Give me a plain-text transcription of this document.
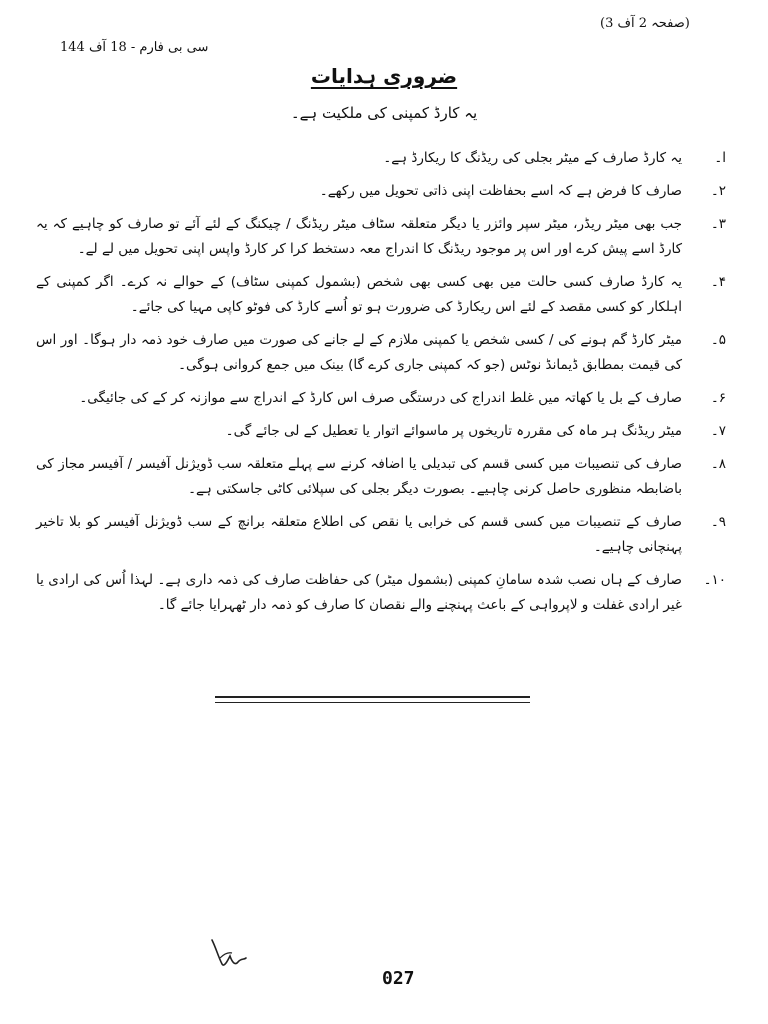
(صفحہ 2 آف 3)
سی بی فارم - 18 آف 144
ضروری ہدایات
یہ کارڈ کمپنی کی ملکیت ہے۔
ا۔
یہ کارڈ صارف کے میٹر بجلی کی ریڈنگ کا ریکارڈ ہے۔
۲۔
صارف کا فرض ہے کہ اسے بحفاظت اپنی ذاتی تحویل میں رکھے۔
۳۔
جب بھی میٹر ریڈر، میٹر سپر وائزر یا دیگر متعلقہ سٹاف میٹر ریڈنگ / چیکنگ کے لئے آئے تو صارف کو چاہیے کہ یہ کارڈ اسے پیش کرے اور اس پر موجود ریڈنگ کا اندراج معہ دستخط کرا کر کارڈ واپس اپنی تحویل میں لے لے۔
۴۔
یہ کارڈ صارف کسی حالت میں بھی کسی بھی شخص (بشمول کمپنی سٹاف) کے حوالے نہ کرے۔ اگر کمپنی کے اہلکار کو کسی مقصد کے لئے اس ریکارڈ کی ضرورت ہو تو اُسے کارڈ کی فوٹو کاپی مہیا کی جائے۔
۵۔
میٹر کارڈ گم ہونے کی / کسی شخص یا کمپنی ملازم کے لے جانے کی صورت میں صارف خود ذمہ دار ہوگا۔ اور اس کی قیمت بمطابق ڈیمانڈ نوٹس (جو کہ کمپنی جاری کرے گا) بینک میں جمع کروانی ہوگی۔
۶۔
صارف کے بل یا کھاتہ میں غلط اندراج کی درستگی صرف اس کارڈ کے اندراج سے موازنہ کر کے کی جائیگی۔
۷۔
میٹر ریڈنگ ہر ماہ کی مقررہ تاریخوں پر ماسوائے اتوار یا تعطیل کے لی جائے گی۔
۸۔
صارف کی تنصیبات میں کسی قسم کی تبدیلی یا اضافہ کرنے سے پہلے متعلقہ سب ڈویژنل آفیسر / آفیسر مجاز کی باضابطہ منظوری حاصل کرنی چاہیے۔ بصورت دیگر بجلی کی سپلائی کاٹی جاسکتی ہے۔
۹۔
صارف کے تنصیبات میں کسی قسم کی خرابی یا نقص کی اطلاع متعلقہ برانچ کے سب ڈویژنل آفیسر کو بلا تاخیر پہنچانی چاہیے۔
۱۰۔
صارف کے ہاں نصب شدہ سامانِ کمپنی (بشمول میٹر) کی حفاظت صارف کی ذمہ داری ہے۔ لہذا اُس کی ارادی یا غیر ارادی غفلت و لاپرواہی کے باعث پہنچنے والے نقصان کا صارف کو ذمہ دار ٹھہرایا جائے گا۔
027
